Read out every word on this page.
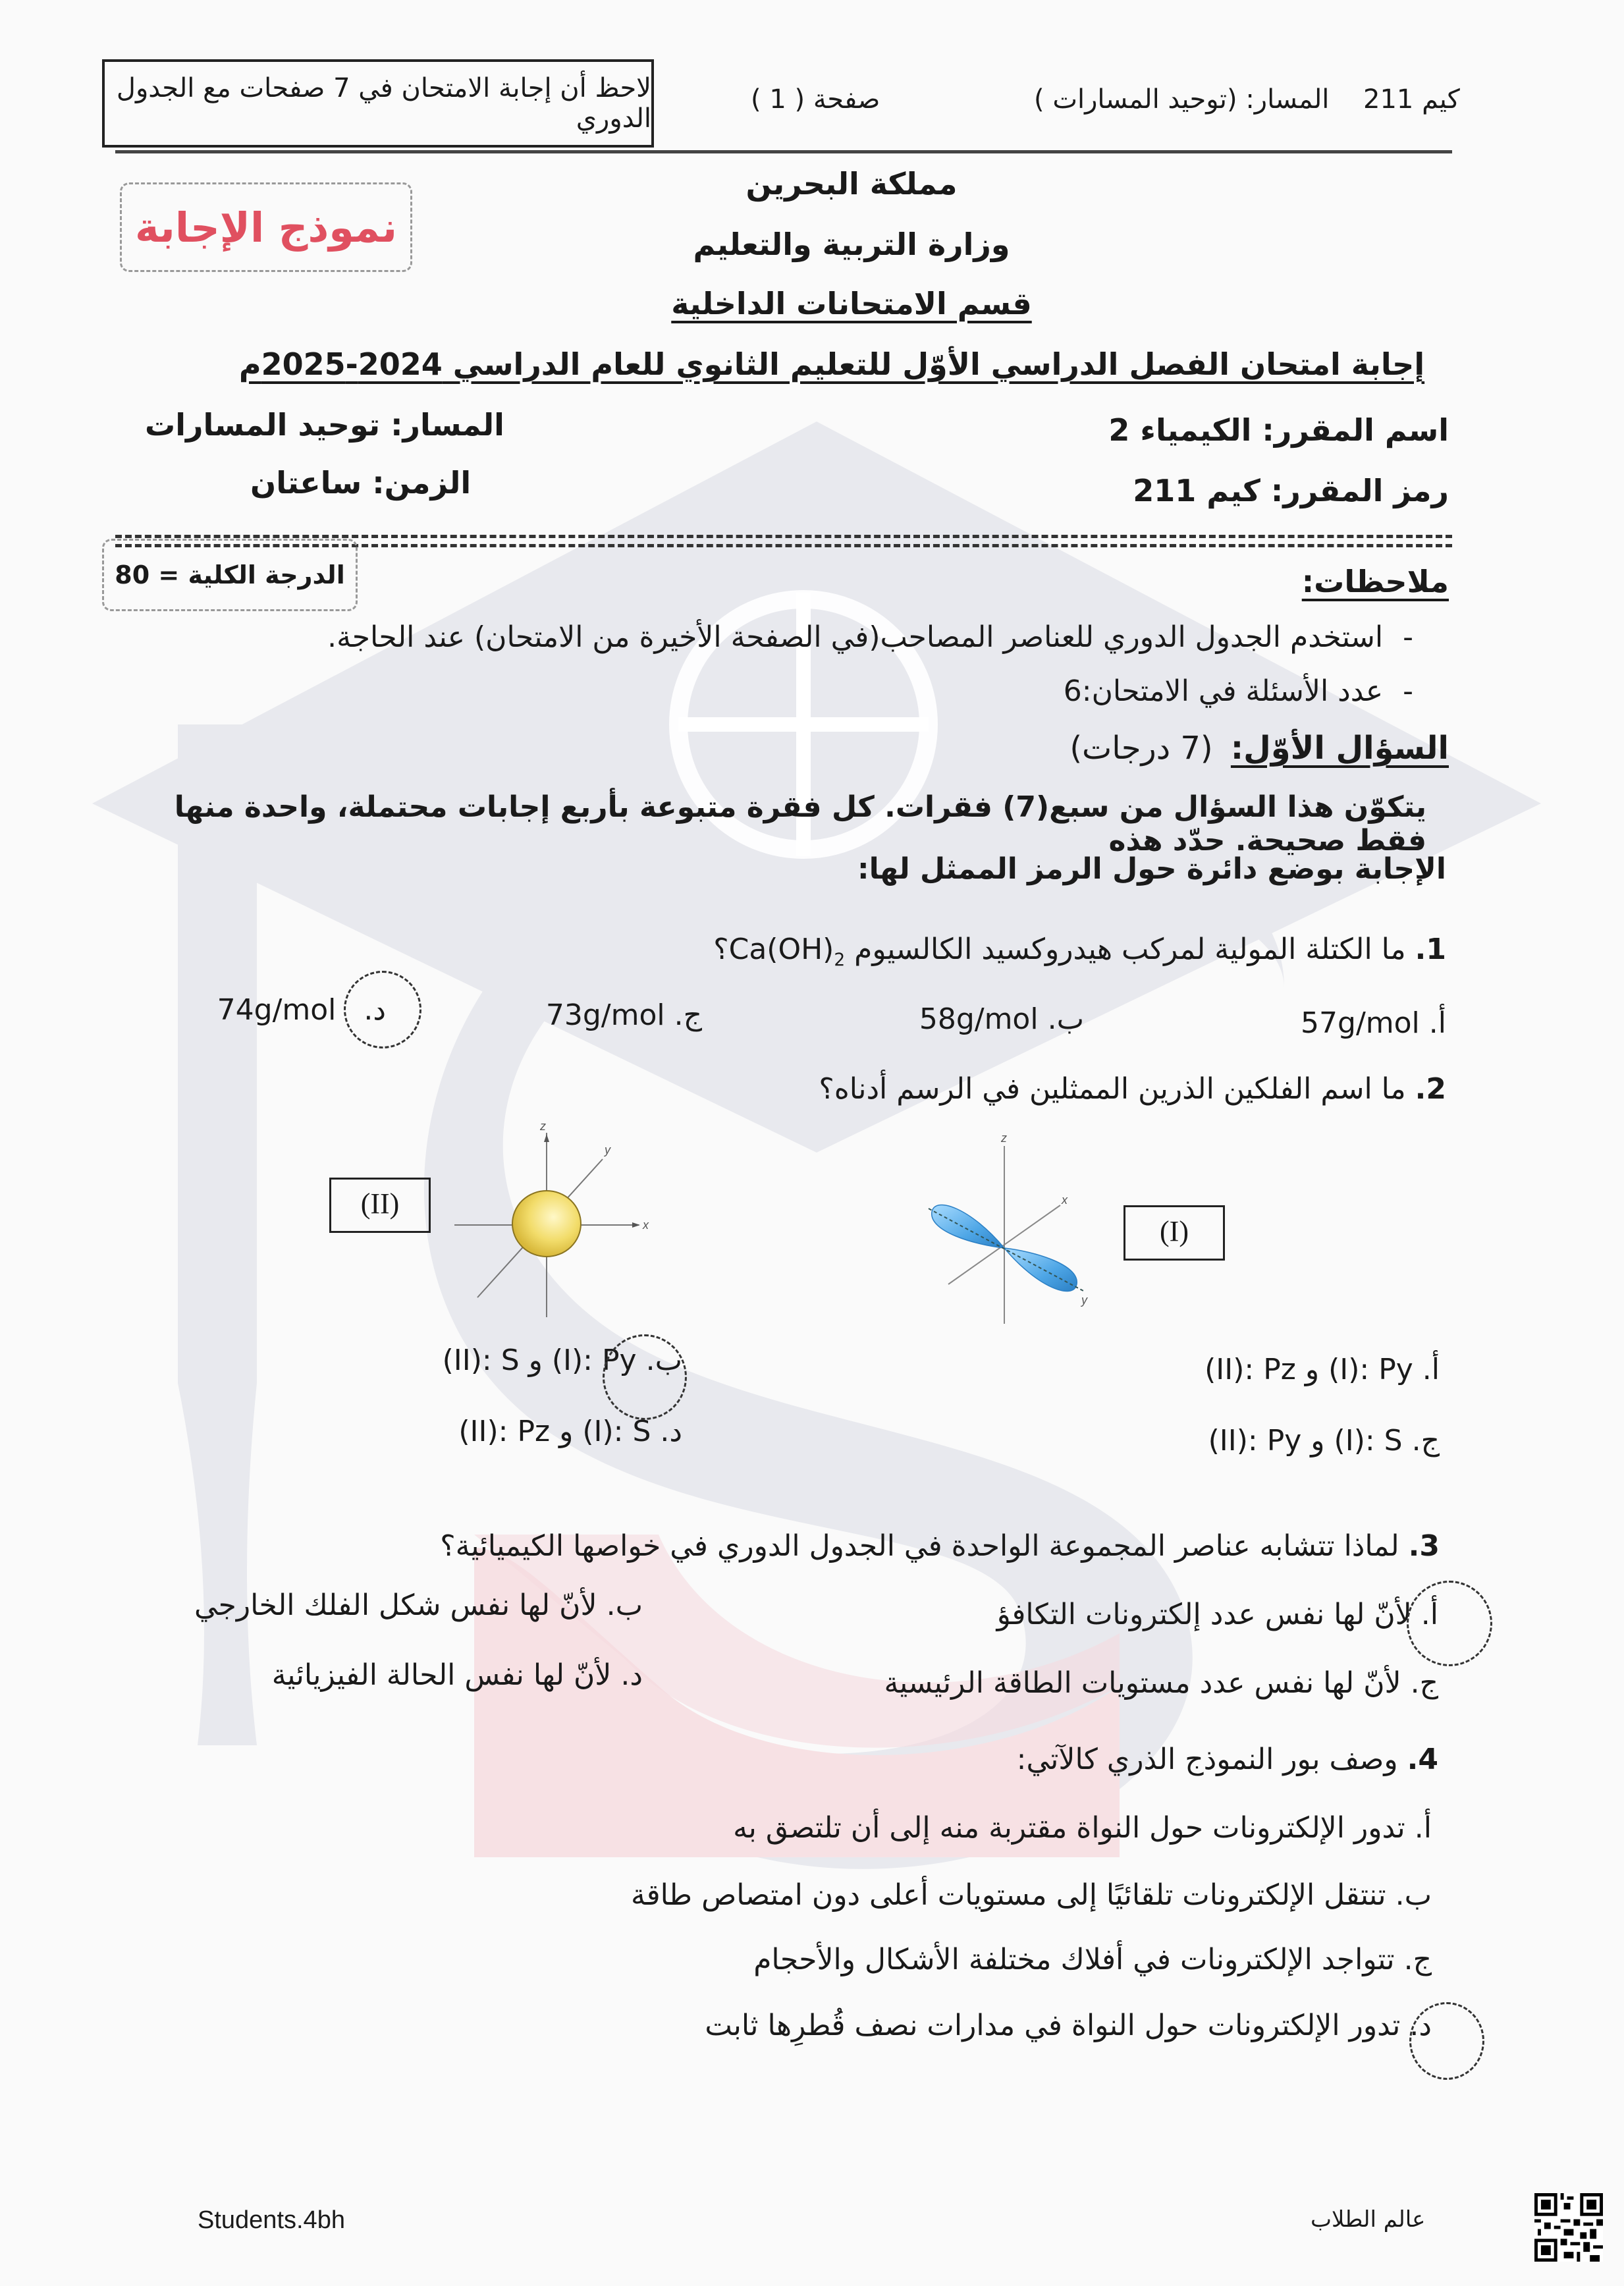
لاحظ أن إجابة الامتحان في 7 صفحات مع الجدول الدوري
صفحة ( 1 )	المسار: (توحيد المسارات ) كيم 211
نموذج الإجابة
مملكة البحرين
وزارة التربية والتعليم
قسم الامتحانات الداخلية
إجابة امتحان الفصل الدراسي الأوّل للتعليم الثانوي للعام الدراسي 2024-2025م
اسم المقرر: الكيمياء 2
رمز المقرر: كيم 211
المسار: توحيد المسارات
الزمن: ساعتان
الدرجة الكلية = 80	ملاحظات:
-استخدم الجدول الدوري للعناصر المصاحب(في الصفحة الأخيرة من الامتحان) عند الحاجة.
-عدد الأسئلة في الامتحان:6
السؤال الأوّل: (7 درجات)
يتكوّن هذا السؤال من سبع(7) فقرات. كل فقرة متبوعة بأربع إجابات محتملة، واحدة منها فقط صحيحة. حدّد هذه
الإجابة بوضع دائرة حول الرمز الممثل لها:
1. ما الكتلة المولية لمركب هيدروكسيد الكالسيوم $Ca(OH)_2؟$
أ. 57g/mol
ب. 58g/mol
ج. 73g/mol
د. 74g/mol
2. ما اسم الفلكين الذرين الممثلين في الرسم أدناه؟
(II)
z
x
y
z
x
y
(I)
أ. (I): Py و (II): Pz
ج. (I): S و (II): Py
ب. (I): Py و (II): S
د. (I): S و (II): Pz
3. لماذا تتشابه عناصر المجموعة الواحدة في الجدول الدوري في خواصها الكيميائية؟
أ. لأنّ لها نفس عدد إلكترونات التكافؤ
ب. لأنّ لها نفس شكل الفلك الخارجي
ج. لأنّ لها نفس عدد مستويات الطاقة الرئيسية
د. لأنّ لها نفس الحالة الفيزيائية
4. وصف بور النموذج الذري كالآتي:
أ. تدور الإلكترونات حول النواة مقتربة منه إلى أن تلتصق به
ب. تنتقل الإلكترونات تلقائيًا إلى مستويات أعلى دون امتصاص طاقة
ج. تتواجد الإلكترونات في أفلاك مختلفة الأشكال والأحجام
د. تدور الإلكترونات حول النواة في مدارات نصف قُطرِها ثابت
Students.4bh	عالم الطلاب
